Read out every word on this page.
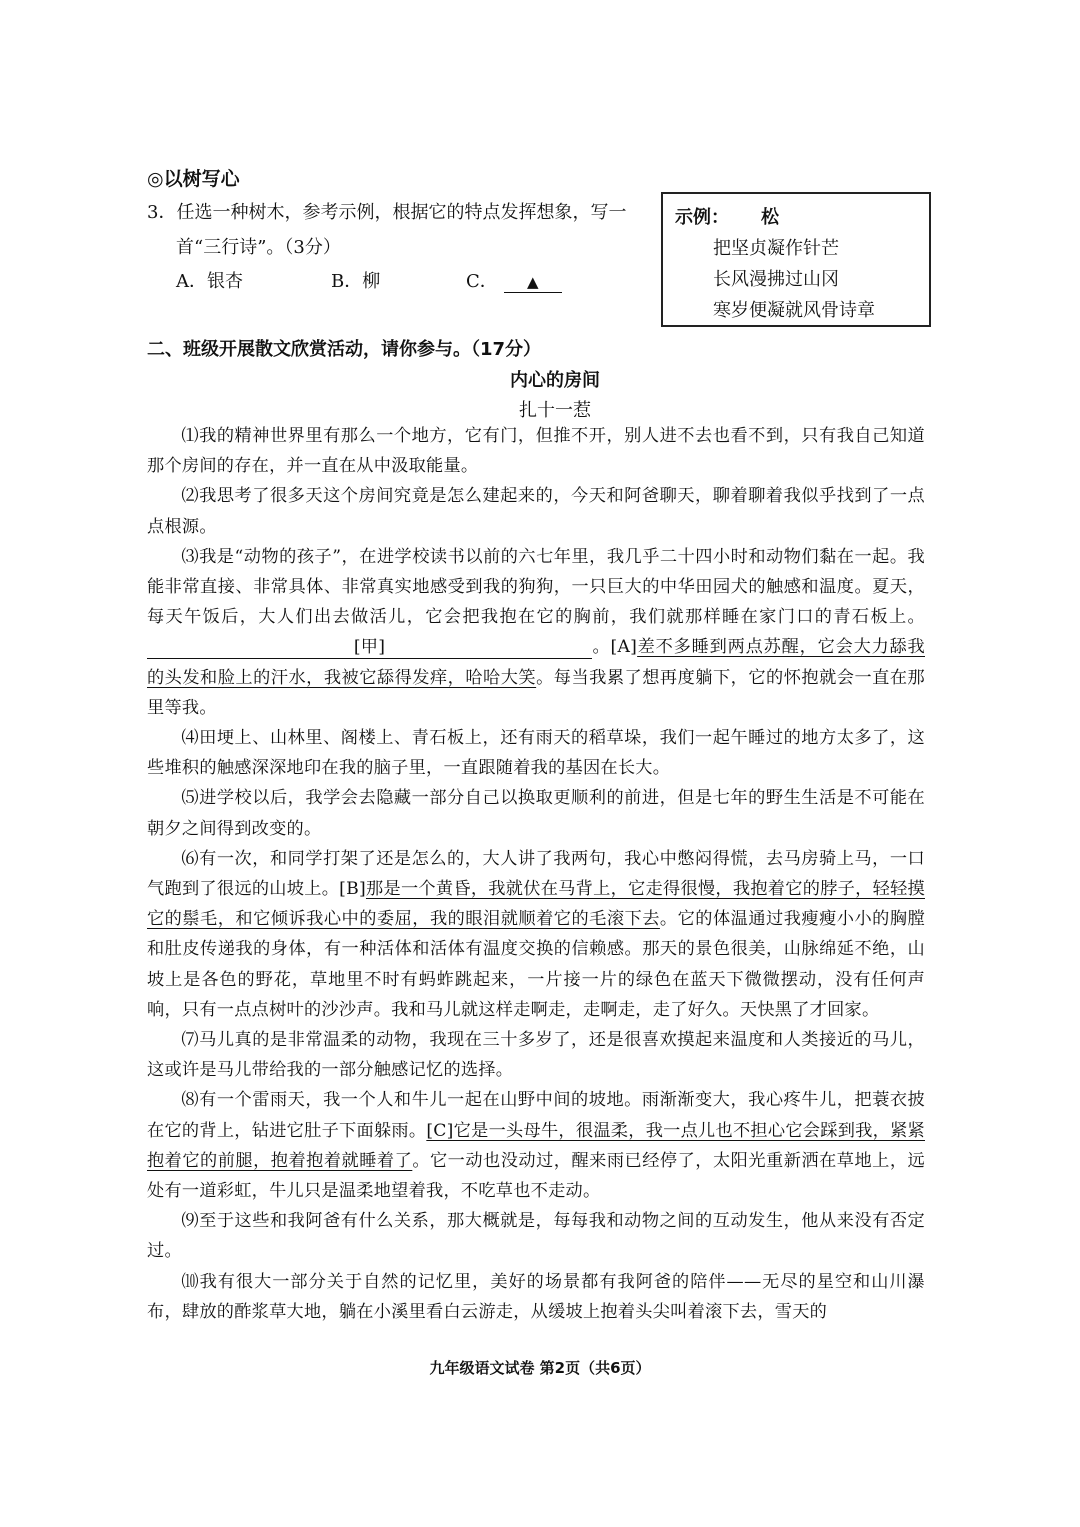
◎以树写心
3．任选一种树木，参考示例，根据它的特点发挥想象，写一
首“三行诗”。（3分）
A．银杏	B．柳	C． ▲
示例： 松
把坚贞凝作针芒
长风漫拂过山冈
寒岁便凝就风骨诗章
二、班级开展散文欣赏活动，请你参与。（17分）
内心的房间
扎十一惹

⑴我的精神世界里有那么一个地方，它有门，但推不开，别人进不去也看不到，只有我自己知道那个房间的存在，并一直在从中汲取能量。

⑵我思考了很多天这个房间究竟是怎么建起来的，今天和阿爸聊天，聊着聊着我似乎找到了一点点根源。

⑶我是“动物的孩子”，在进学校读书以前的六七年里，我几乎二十四小时和动物们黏在一起。我能非常直接、非常具体、非常真实地感受到我的狗狗，一只巨大的中华田园犬的触感和温度。夏天，每天午饭后，大人们出去做活儿，它会把我抱在它的胸前，我们就那样睡在家门口的青石板上。[甲]	。[A]差不多睡到两点苏醒，它会大力舔我的头发和脸上的汗水，我被它舔得发痒，哈哈大笑。每当我累了想再度躺下，它的怀抱就会一直在那里等我。

⑷田埂上、山林里、阁楼上、青石板上，还有雨天的稻草垛，我们一起午睡过的地方太多了，这些堆积的触感深深地印在我的脑子里，一直跟随着我的基因在长大。

⑸进学校以后，我学会去隐藏一部分自己以换取更顺利的前进，但是七年的野生生活是不可能在朝夕之间得到改变的。

⑹有一次，和同学打架了还是怎么的，大人讲了我两句，我心中憋闷得慌，去马房骑上马，一口气跑到了很远的山坡上。[B]那是一个黄昏，我就伏在马背上，它走得很慢，我抱着它的脖子，轻轻摸它的鬃毛，和它倾诉我心中的委屈，我的眼泪就顺着它的毛滚下去。它的体温通过我瘦瘦小小的胸膛和肚皮传递我的身体，有一种活体和活体有温度交换的信赖感。那天的景色很美，山脉绵延不绝，山坡上是各色的野花，草地里不时有蚂蚱跳起来，一片接一片的绿色在蓝天下微微摆动，没有任何声响，只有一点点树叶的沙沙声。我和马儿就这样走啊走，走啊走，走了好久。天快黑了才回家。

⑺马儿真的是非常温柔的动物，我现在三十多岁了，还是很喜欢摸起来温度和人类接近的马儿，这或许是马儿带给我的一部分触感记忆的选择。

⑻有一个雷雨天，我一个人和牛儿一起在山野中间的坡地。雨渐渐变大，我心疼牛儿，把蓑衣披在它的背上，钻进它肚子下面躲雨。[C]它是一头母牛，很温柔，我一点儿也不担心它会踩到我，紧紧抱着它的前腿，抱着抱着就睡着了。它一动也没动过，醒来雨已经停了，太阳光重新洒在草地上，远处有一道彩虹，牛儿只是温柔地望着我，不吃草也不走动。

⑼至于这些和我阿爸有什么关系，那大概就是，每每我和动物之间的互动发生，他从来没有否定过。

⑽我有很大一部分关于自然的记忆里，美好的场景都有我阿爸的陪伴——无尽的星空和山川瀑布，肆放的酢浆草大地，躺在小溪里看白云游走，从缓坡上抱着头尖叫着滚下去，雪天的

九年级语文试卷 第2页（共6页）
